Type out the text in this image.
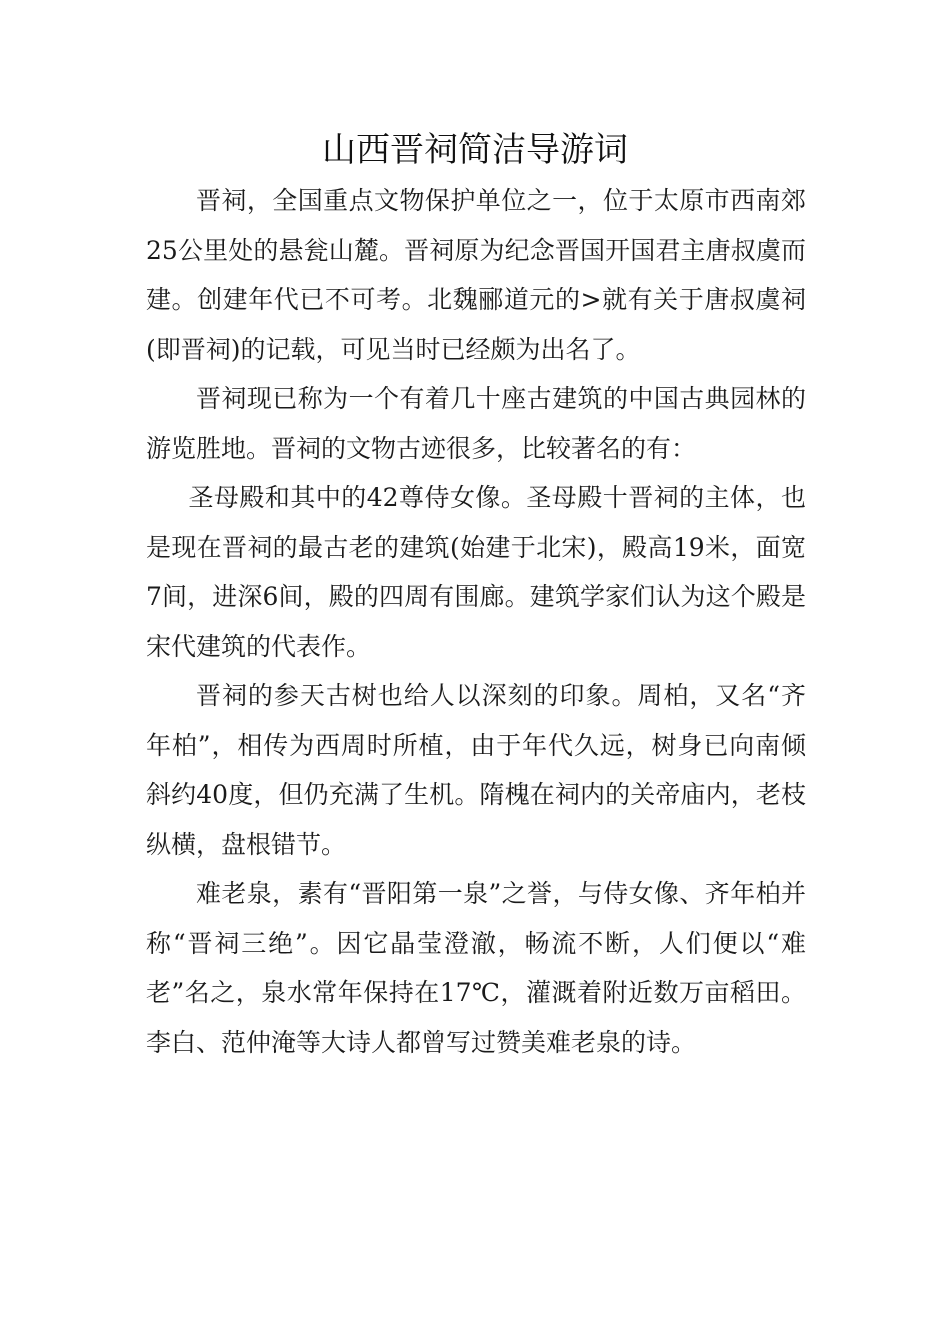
山西晋祠简洁导游词

晋祠，全国重点文物保护单位之一，位于太原市西南郊25公里处的悬瓮山麓。晋祠原为纪念晋国开国君主唐叔虞而建。创建年代已不可考。北魏郦道元的>就有关于唐叔虞祠(即晋祠)的记载，可见当时已经颇为出名了。

晋祠现已称为一个有着几十座古建筑的中国古典园林的游览胜地。晋祠的文物古迹很多，比较著名的有：

圣母殿和其中的42尊侍女像。圣母殿十晋祠的主体，也是现在晋祠的最古老的建筑(始建于北宋)，殿高19米，面宽7间，进深6间，殿的四周有围廊。建筑学家们认为这个殿是宋代建筑的代表作。

晋祠的参天古树也给人以深刻的印象。周柏，又名“齐年柏”，相传为西周时所植，由于年代久远，树身已向南倾斜约40度，但仍充满了生机。隋槐在祠内的关帝庙内，老枝纵横，盘根错节。

难老泉，素有“晋阳第一泉”之誉，与侍女像、齐年柏并称“晋祠三绝”。因它晶莹澄澈，畅流不断，人们便以“难老”名之，泉水常年保持在17℃，灌溉着附近数万亩稻田。李白、范仲淹等大诗人都曾写过赞美难老泉的诗。
